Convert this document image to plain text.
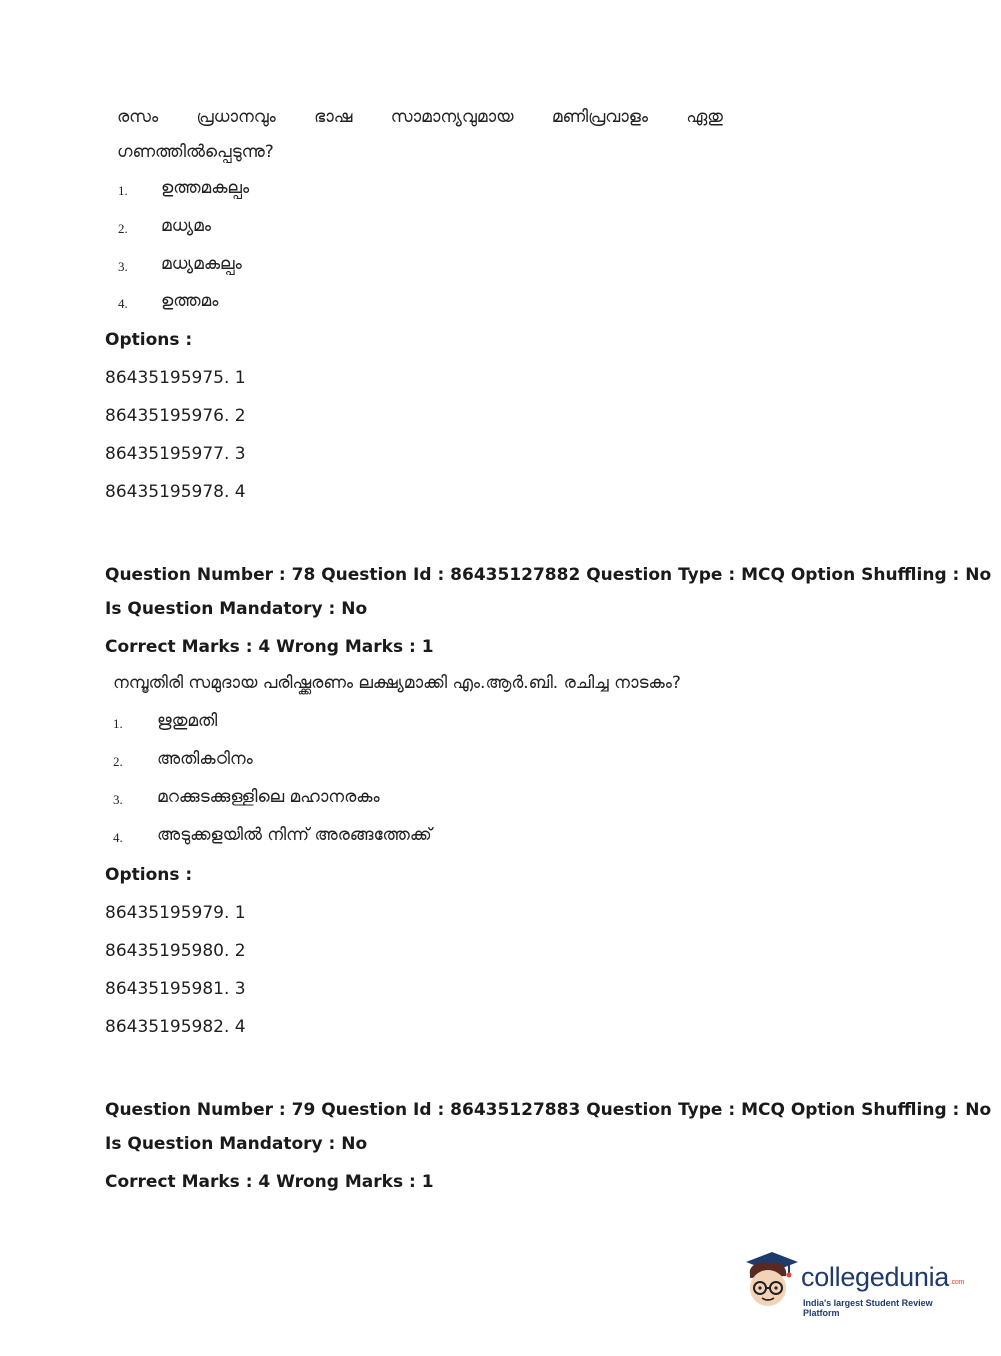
രസം പ്രധാനവും ഭാഷ സാമാന്യവുമായ മണിപ്രവാളം ഏതു
ഗണത്തിൽപ്പെടുന്നു?
1. ഉത്തമകല്പം
2. മധ്യമം
3. മധ്യമകല്പം
4. ഉത്തമം
Options :
86435195975. 1
86435195976. 2
86435195977. 3
86435195978. 4
Question Number : 78 Question Id : 86435127882 Question Type : MCQ Option Shuffling : No
Is Question Mandatory : No
Correct Marks : 4 Wrong Marks : 1
നമ്പൂതിരി സമുദായ പരിഷ്ക്കരണം ലക്ഷ്യമാക്കി എം.ആർ.ബി. രചിച്ച നാടകം?
1. ഋതുമതി
2. അതികഠിനം
3. മറക്കുടക്കുള്ളിലെ മഹാനരകം
4. അടുക്കളയിൽ നിന്ന് അരങ്ങത്തേക്ക്
Options :
86435195979. 1
86435195980. 2
86435195981. 3
86435195982. 4
Question Number : 79 Question Id : 86435127883 Question Type : MCQ Option Shuffling : No
Is Question Mandatory : No
Correct Marks : 4 Wrong Marks : 1
collegedunia.com
India's largest Student Review Platform
